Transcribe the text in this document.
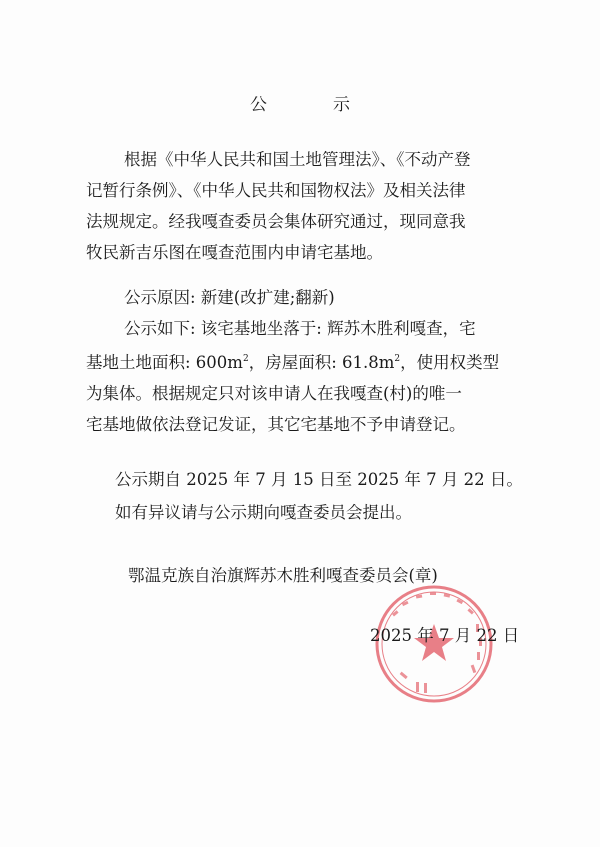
公	示
根据《中华人民共和国土地管理法》、《不动产登
记暂行条例》、《中华人民共和国物权法》及相关法律
法规规定。经我嘎查委员会集体研究通过，现同意我
牧民新吉乐图在嘎查范围内申请宅基地。
公示原因: 新建(改扩建;翻新)
公示如下: 该宅基地坐落于: 辉苏木胜利嘎查，宅
基地土地面积: $600m^2$，房屋面积: $61.8m^2$，使用权类型
为集体。根据规定只对该申请人在我嘎查(村)的唯一
宅基地做依法登记发证，其它宅基地不予申请登记。
公示期自 2025 年 7 月 15 日至 2025 年 7 月 22 日。
如有异议请与公示期向嘎查委员会提出。
鄂温克族自治旗辉苏木胜利嘎查委员会(章)
2025 年 7 月 22 日
